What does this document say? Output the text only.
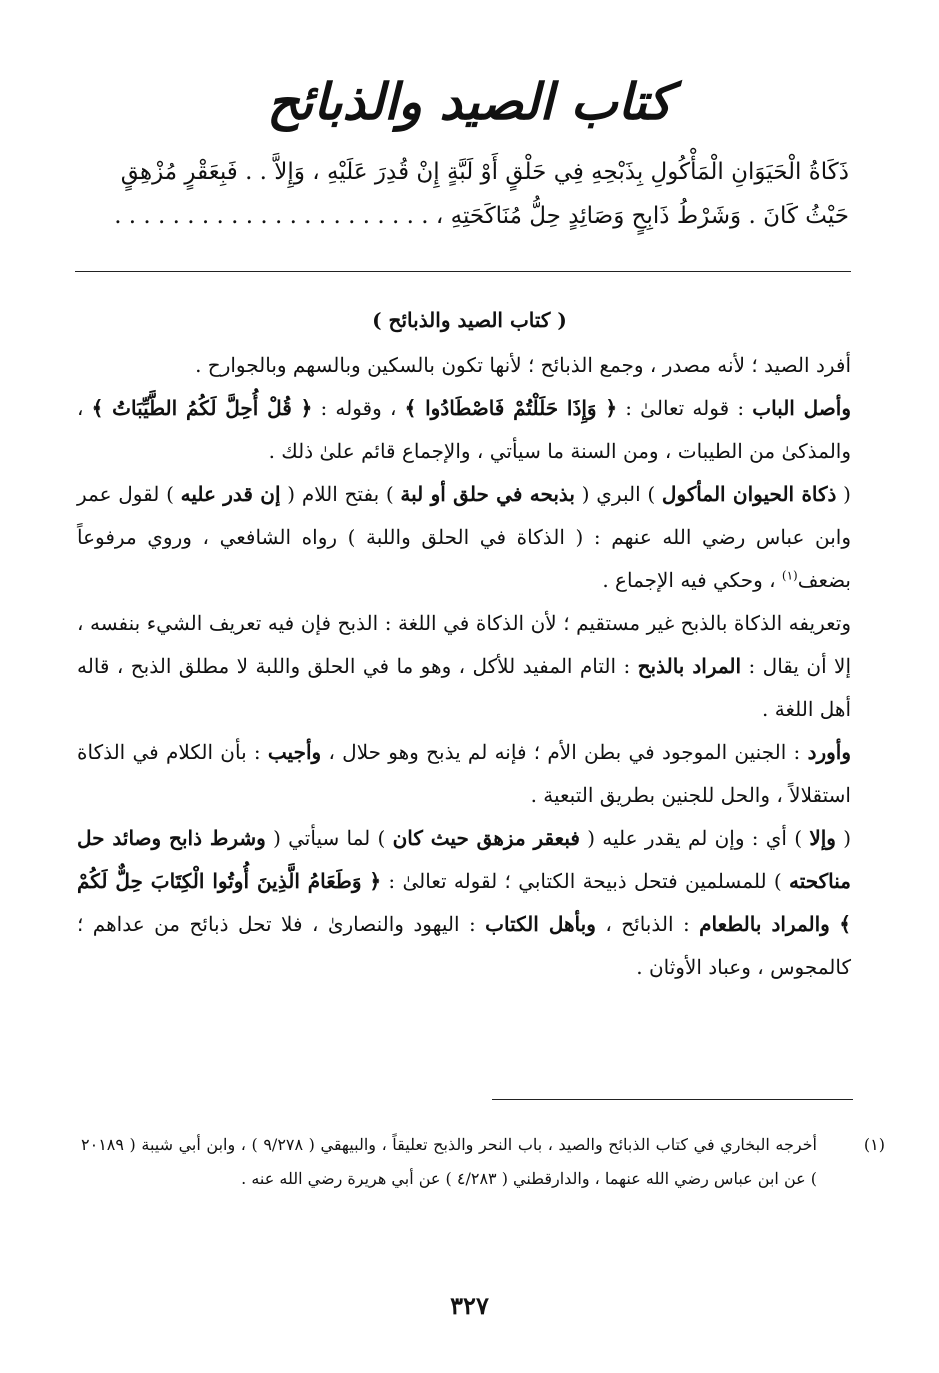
كتاب الصيد والذبائح

ذَكَاةُ الْحَيَوَانِ الْمَأْكُولِ بِذَبْحِهِ فِي حَلْقٍ أَوْ لَبَّةٍ إِنْ قُدِرَ عَلَيْهِ ، وَإِلاَّ . . فَبِعَقْرٍ مُزْهِقٍ

حَيْثُ كَانَ . وَشَرْطُ ذَابِحٍ وَصَائِدٍ حِلُّ مُنَاكَحَتِهِ ، . . . . . . . . . . . . . . . . . . . . . .

( كتاب الصيد والذبائح )

أفرد الصيد ؛ لأنه مصدر ، وجمع الذبائح ؛ لأنها تكون بالسكين وبالسهم وبالجوارح .

وأصل الباب : قوله تعالىٰ : ﴿ وَإِذَا حَلَلْتُمْ فَاصْطَادُوا ﴾ ، وقوله : ﴿ قُلْ أُحِلَّ لَكُمُ الطَّيِّبَاتُ ﴾ ، والمذكىٰ من الطيبات ، ومن السنة ما سيأتي ، والإجماع قائم علىٰ ذلك .

( ذكاة الحيوان المأكول ) البري ( بذبحه في حلق أو لبة ) بفتح اللام ( إن قدر عليه ) لقول عمر وابن عباس رضي الله عنهم : ( الذكاة في الحلق واللبة ) رواه الشافعي ، وروي مرفوعاً بضعف$^{(١)}$ ، وحكي فيه الإجماع .

وتعريفه الذكاة بالذبح غير مستقيم ؛ لأن الذكاة في اللغة : الذبح فإن فيه تعريف الشيء بنفسه ، إلا أن يقال : المراد بالذبح : التام المفيد للأكل ، وهو ما في الحلق واللبة لا مطلق الذبح ، قاله أهل اللغة .

وأورد : الجنين الموجود في بطن الأم ؛ فإنه لم يذبح وهو حلال ، وأجيب : بأن الكلام في الذكاة استقلالاً ، والحل للجنين بطريق التبعية .

( وإلا ) أي : وإن لم يقدر عليه ( فبعقر مزهق حيث كان ) لما سيأتي ( وشرط ذابح وصائد حل مناكحته ) للمسلمين فتحل ذبيحة الكتابي ؛ لقوله تعالىٰ : ﴿ وَطَعَامُ الَّذِينَ أُوتُوا الْكِتَابَ حِلٌّ لَكُمْ ﴾ والمراد بالطعام : الذبائح ، وبأهل الكتاب : اليهود والنصارىٰ ، فلا تحل ذبائح من عداهم ؛ كالمجوس ، وعباد الأوثان .

(١)أخرجه البخاري في كتاب الذبائح والصيد ، باب النحر والذبح تعليقاً ، والبيهقي ( ٩/٢٧٨ ) ، وابن أبي شيبة ( ٢٠١٨٩ ) عن ابن عباس رضي الله عنهما ، والدارقطني ( ٤/٢٨٣ ) عن أبي هريرة رضي الله عنه .

٣٢٧
